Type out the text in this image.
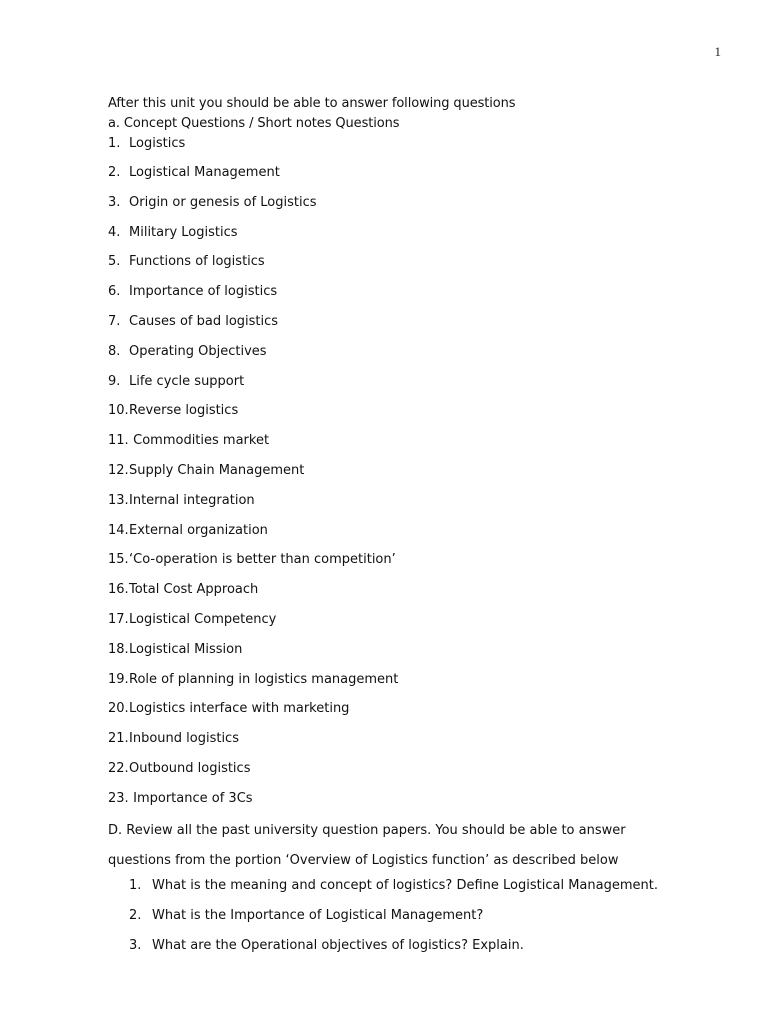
1
After this unit you should be able to answer following questions
a. Concept Questions / Short notes Questions
1. Logistics
2. Logistical Management
3. Origin or genesis of Logistics
4. Military Logistics
5. Functions of logistics
6. Importance of logistics
7. Causes of bad logistics
8. Operating Objectives
9. Life cycle support
10. Reverse logistics
11. Commodities market
12. Supply Chain Management
13. Internal integration
14. External organization
15. ‘Co-operation is better than competition’
16. Total Cost Approach
17. Logistical Competency
18. Logistical Mission
19. Role of planning in logistics management
20. Logistics interface with marketing
21. Inbound logistics
22. Outbound logistics
23. Importance of 3Cs
D. Review all the past university question papers. You should be able to answer
questions from the portion ‘Overview of Logistics function’ as described below
1. What is the meaning and concept of logistics? Define Logistical Management.
2. What is the Importance of Logistical Management?
3. What are the Operational objectives of logistics? Explain.
